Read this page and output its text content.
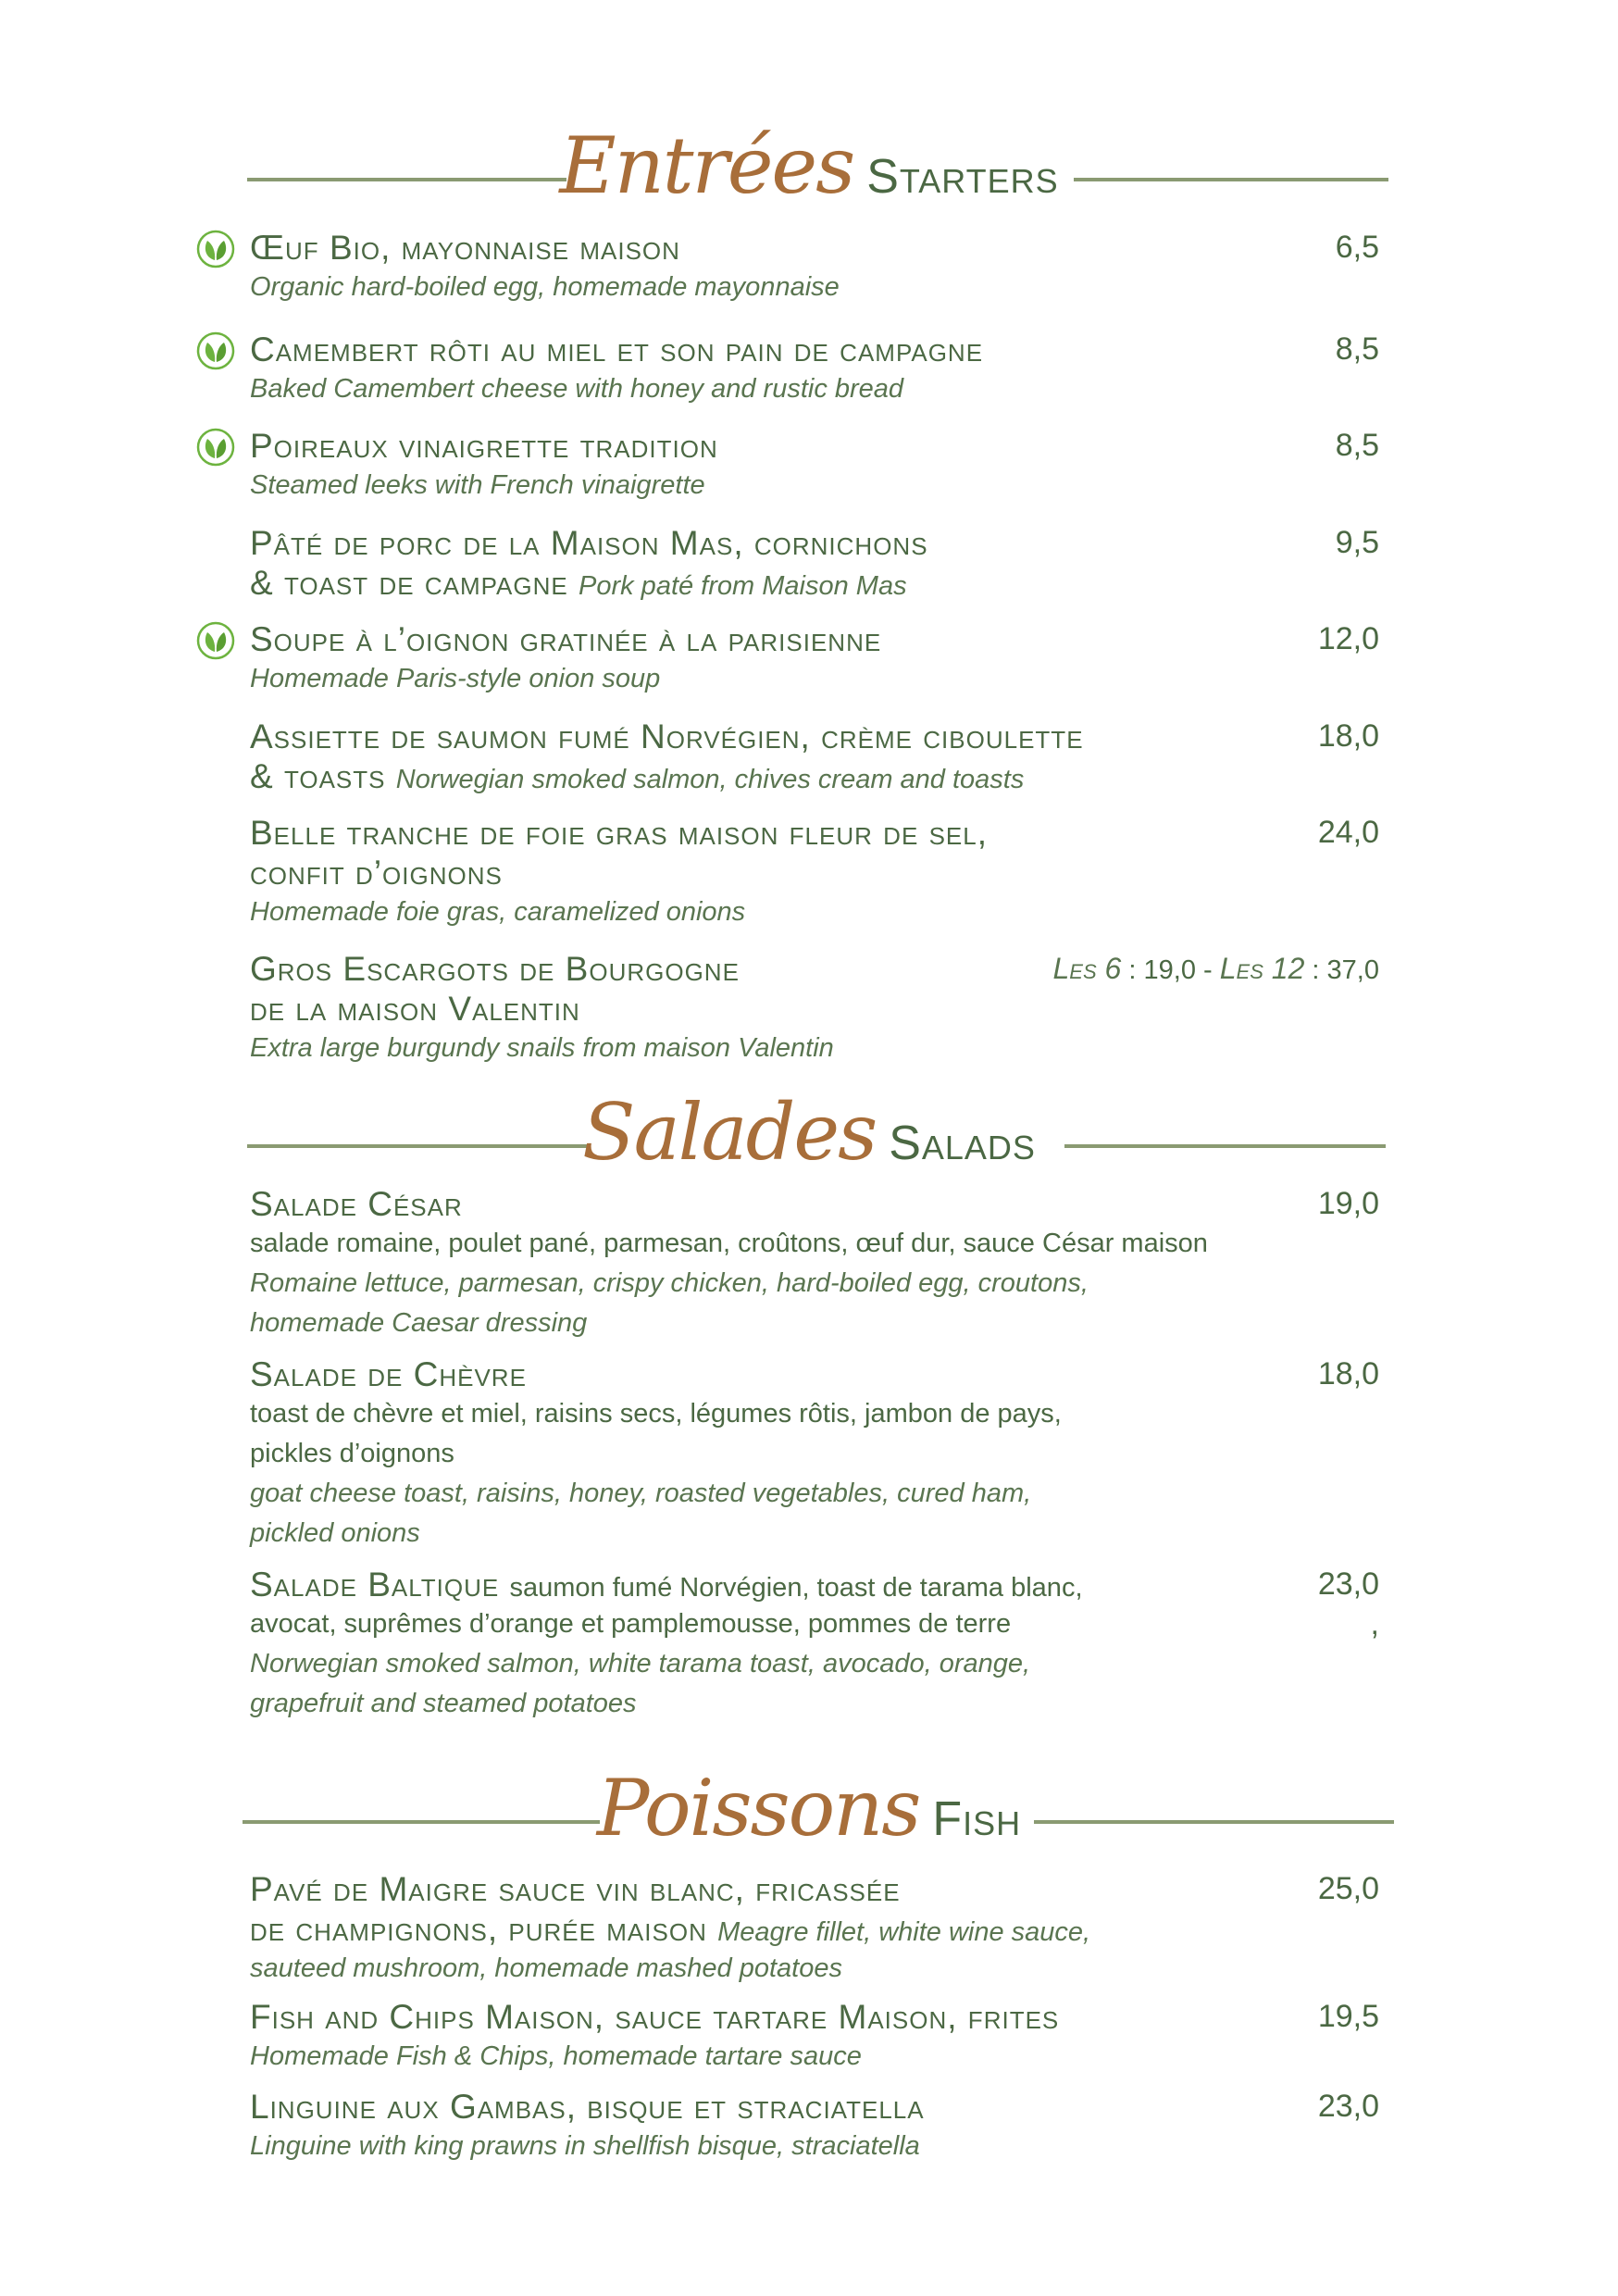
Entrées Starters
Œuf Bio, mayonnaise maison	6,5
Organic hard-boiled egg, homemade mayonnaise
Camembert rôti au miel et son pain de campagne	8,5
Baked Camembert cheese with honey and rustic bread
Poireaux vinaigrette tradition	8,5
Steamed leeks with French vinaigrette
Pâté de porc de la Maison Mas, cornichons	9,5
& toast de campagne Pork paté from Maison Mas
Soupe à l’oignon gratinée à la parisienne	12,0
Homemade Paris-style onion soup
Assiette de saumon fumé Norvégien, crème ciboulette	18,0
& toasts Norwegian smoked salmon, chives cream and toasts
Belle tranche de foie gras maison fleur de sel,	24,0
confit d’oignons
Homemade foie gras, caramelized onions
Gros Escargots de Bourgogne	Les 6 : 19,0 - Les 12 : 37,0
de la maison Valentin
Extra large burgundy snails from maison Valentin
Salades Salads
Salade César	19,0
salade romaine, poulet pané, parmesan, croûtons, œuf dur, sauce César maison
Romaine lettuce, parmesan, crispy chicken, hard-boiled egg, croutons,
homemade Caesar dressing
Salade de Chèvre	18,0
toast de chèvre et miel, raisins secs, légumes rôtis, jambon de pays,
pickles d’oignons
goat cheese toast, raisins, honey, roasted vegetables, cured ham,
pickled onions
Salade Baltique saumon fumé Norvégien, toast de tarama blanc,	23,0
avocat, suprêmes d’orange et pamplemousse, pommes de terre	,
Norwegian smoked salmon, white tarama toast, avocado, orange,
grapefruit and steamed potatoes
Poissons Fish
Pavé de Maigre sauce vin blanc, fricassée	25,0
de champignons, purée maison Meagre fillet, white wine sauce,
sauteed mushroom, homemade mashed potatoes
Fish and Chips Maison, sauce tartare Maison, frites	19,5
Homemade Fish & Chips, homemade tartare sauce
Linguine aux Gambas, bisque et straciatella	23,0
Linguine with king prawns in shellfish bisque, straciatella
